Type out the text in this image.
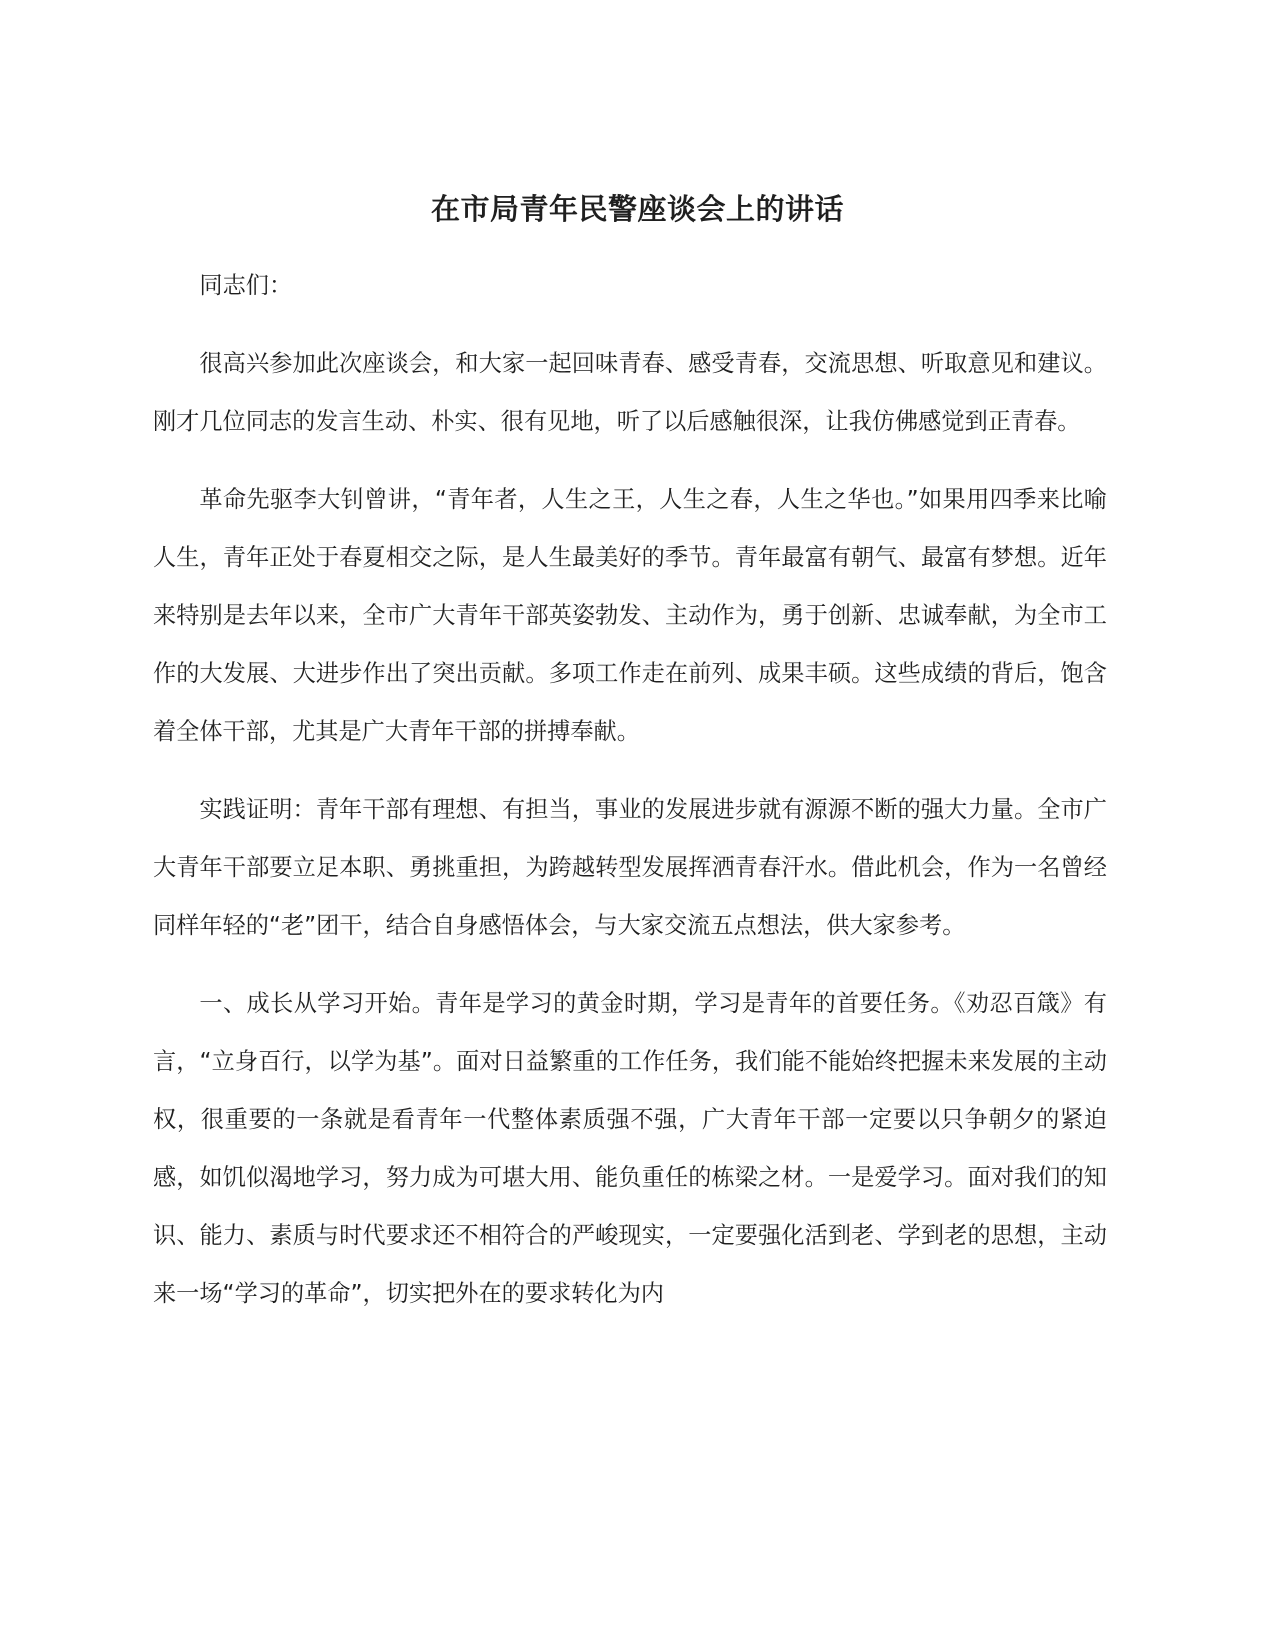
在市局青年民警座谈会上的讲话

同志们：

很高兴参加此次座谈会，和大家一起回味青春、感受青春，交流思想、听取意见和建议。刚才几位同志的发言生动、朴实、很有见地，听了以后感触很深，让我仿佛感觉到正青春。

革命先驱李大钊曾讲，“青年者，人生之王，人生之春，人生之华也。”如果用四季来比喻人生，青年正处于春夏相交之际，是人生最美好的季节。青年最富有朝气、最富有梦想。近年来特别是去年以来，全市广大青年干部英姿勃发、主动作为，勇于创新、忠诚奉献，为全市工作的大发展、大进步作出了突出贡献。多项工作走在前列、成果丰硕。这些成绩的背后，饱含着全体干部，尤其是广大青年干部的拼搏奉献。

实践证明：青年干部有理想、有担当，事业的发展进步就有源源不断的强大力量。全市广大青年干部要立足本职、勇挑重担，为跨越转型发展挥洒青春汗水。借此机会，作为一名曾经同样年轻的“老”团干，结合自身感悟体会，与大家交流五点想法，供大家参考。

一、成长从学习开始。青年是学习的黄金时期，学习是青年的首要任务。《劝忍百箴》有言，“立身百行，以学为基”。面对日益繁重的工作任务，我们能不能始终把握未来发展的主动权，很重要的一条就是看青年一代整体素质强不强，广大青年干部一定要以只争朝夕的紧迫感，如饥似渴地学习，努力成为可堪大用、能负重任的栋梁之材。一是爱学习。面对我们的知识、能力、素质与时代要求还不相符合的严峻现实，一定要强化活到老、学到老的思想，主动来一场“学习的革命”，切实把外在的要求转化为内
